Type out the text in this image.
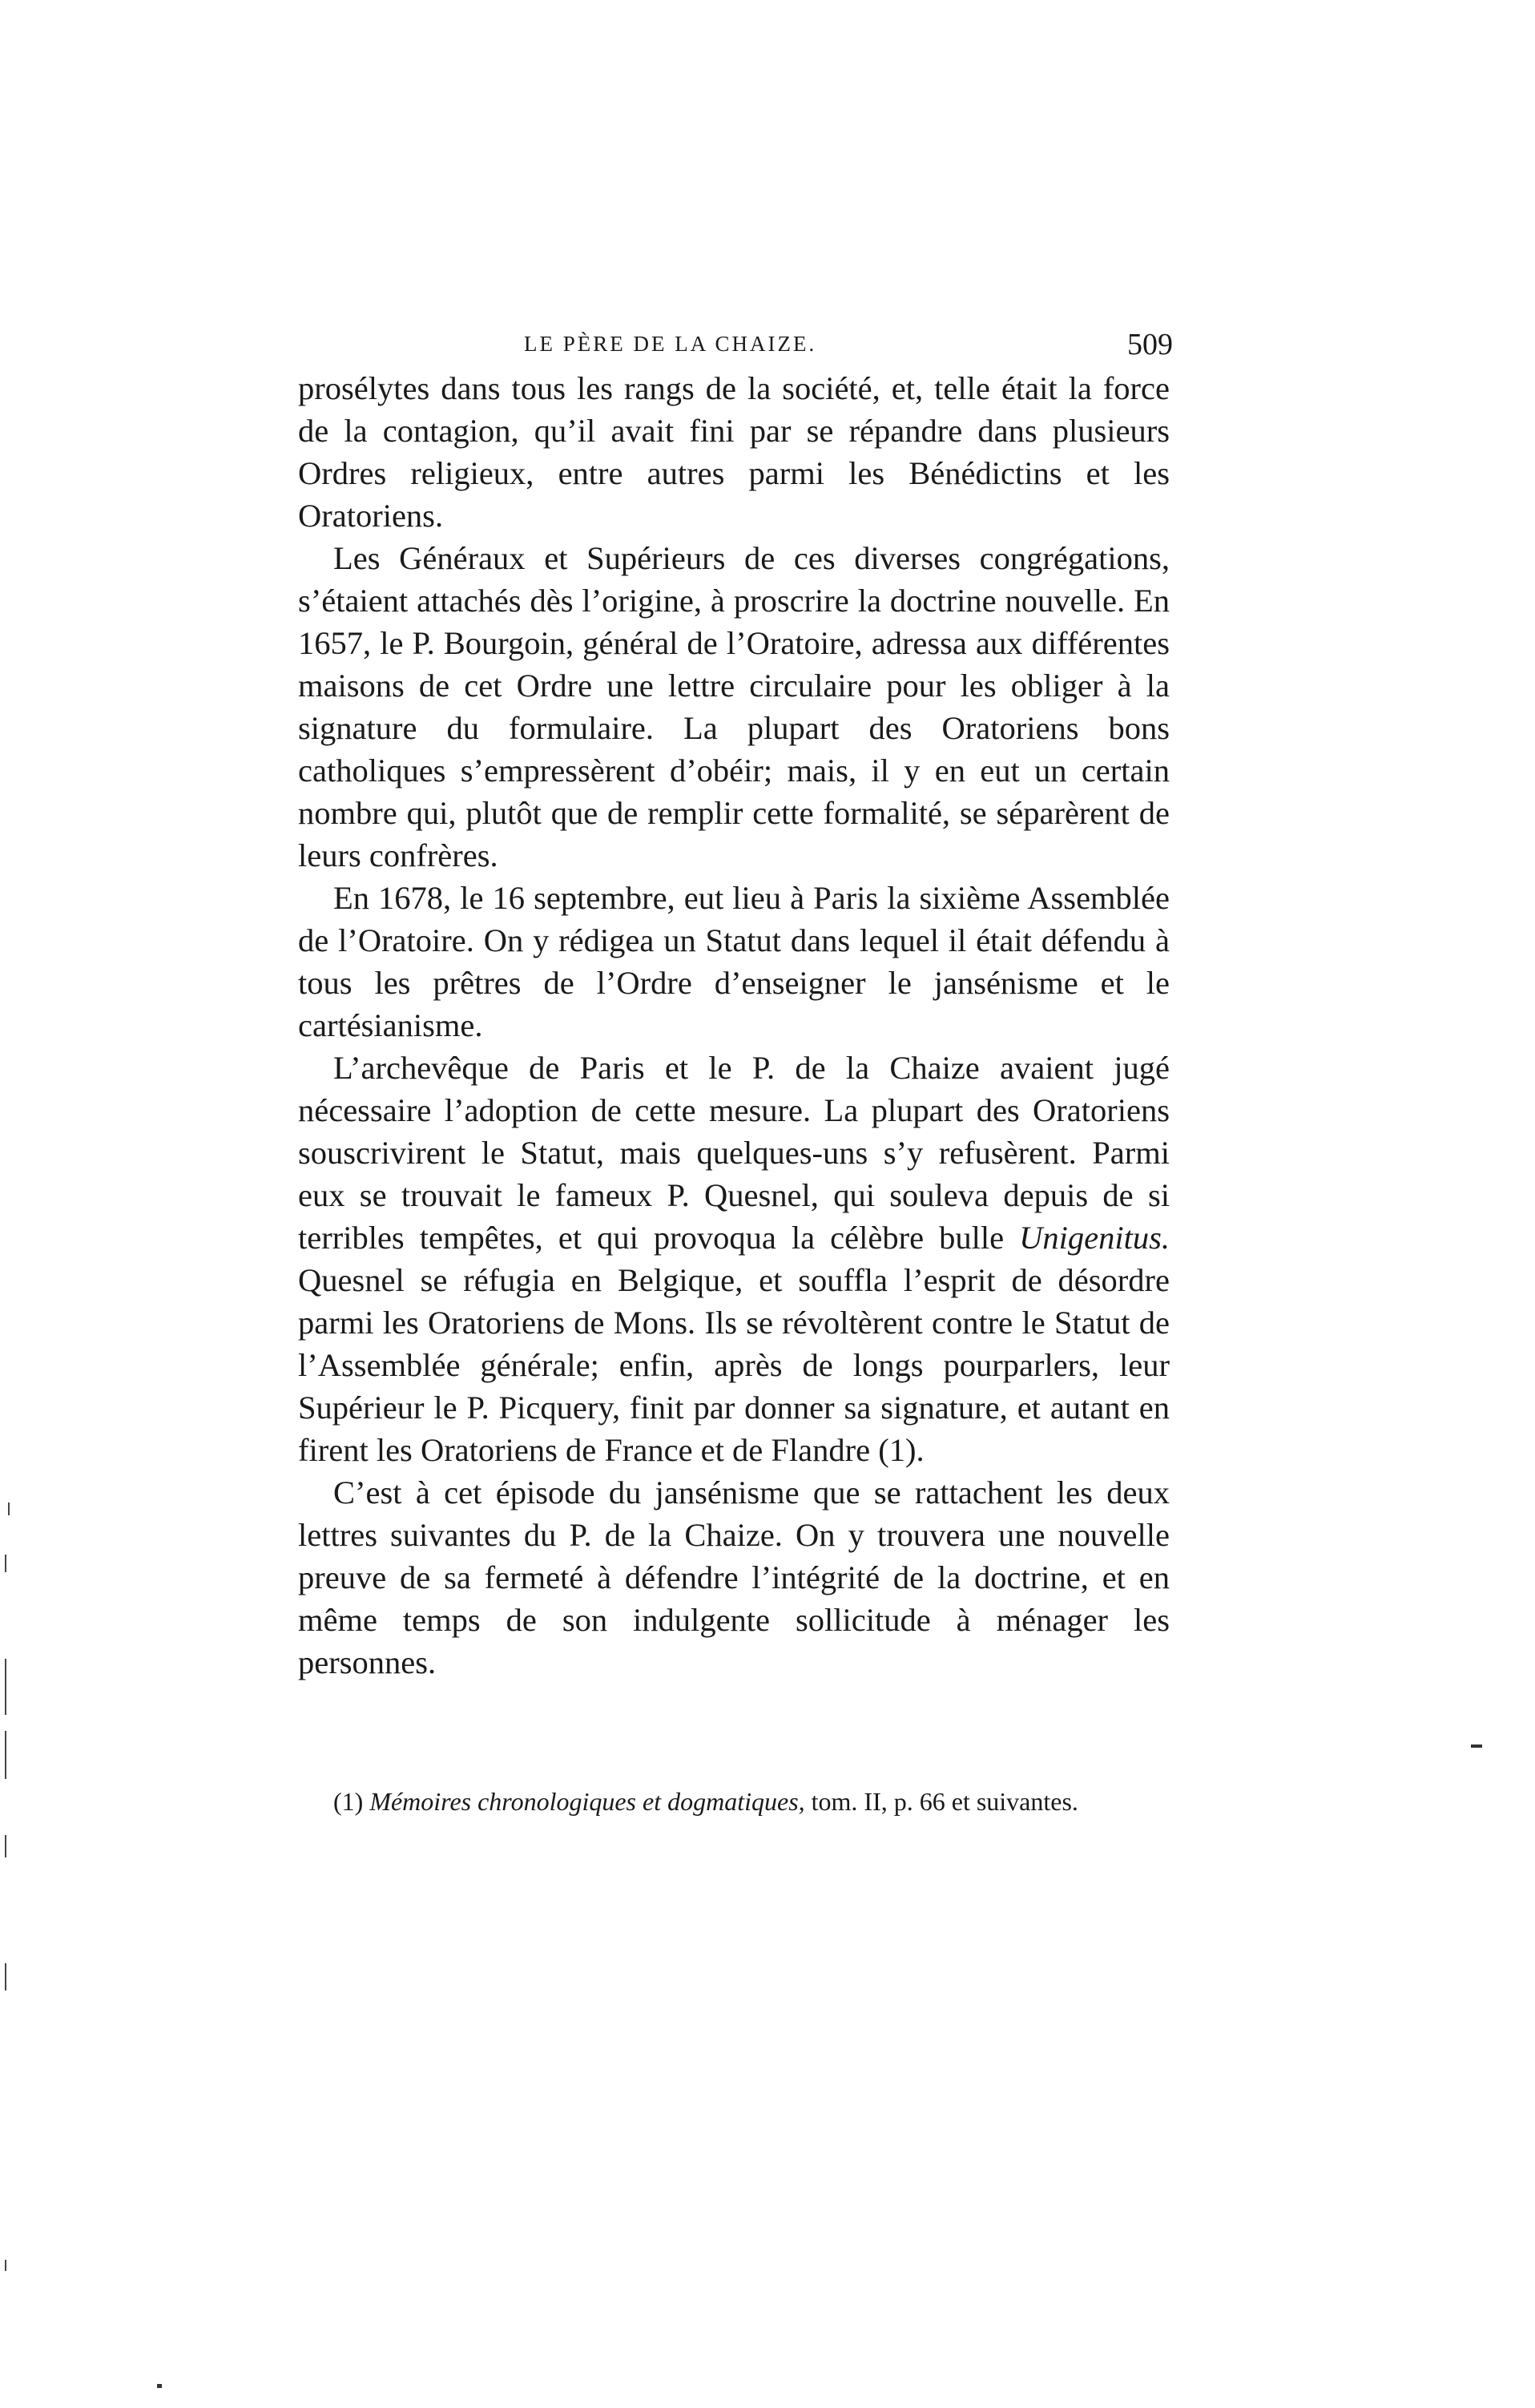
LE PÈRE DE LA CHAIZE.	509

prosélytes dans tous les rangs de la société, et, telle était la force de la contagion, qu’il avait fini par se répandre dans plusieurs Ordres religieux, entre autres parmi les Bénédictins et les Oratoriens.

Les Généraux et Supérieurs de ces diverses congrégations, s’étaient attachés dès l’origine, à proscrire la doctrine nouvelle. En 1657, le P. Bourgoin, général de l’Oratoire, adressa aux différentes maisons de cet Ordre une lettre circulaire pour les obliger à la signature du formulaire. La plupart des Oratoriens bons catholiques s’empressèrent d’obéir; mais, il y en eut un certain nombre qui, plutôt que de remplir cette formalité, se séparèrent de leurs confrères.

En 1678, le 16 septembre, eut lieu à Paris la sixième Assemblée de l’Oratoire. On y rédigea un Statut dans lequel il était défendu à tous les prêtres de l’Ordre d’enseigner le jansénisme et le cartésianisme.

L’archevêque de Paris et le P. de la Chaize avaient jugé nécessaire l’adoption de cette mesure. La plupart des Oratoriens souscrivirent le Statut, mais quelques-uns s’y refusèrent. Parmi eux se trouvait le fameux P. Quesnel, qui souleva depuis de si terribles tempêtes, et qui provoqua la célèbre bulle Unigenitus. Quesnel se réfugia en Belgique, et souffla l’esprit de désordre parmi les Oratoriens de Mons. Ils se révoltèrent contre le Statut de l’Assemblée générale; enfin, après de longs pourparlers, leur Supérieur le P. Picquery, finit par donner sa signature, et autant en firent les Oratoriens de France et de Flandre (1).

C’est à cet épisode du jansénisme que se rattachent les deux lettres suivantes du P. de la Chaize. On y trouvera une nouvelle preuve de sa fermeté à défendre l’intégrité de la doctrine, et en même temps de son indulgente sollicitude à ménager les personnes.

(1) Mémoires chronologiques et dogmatiques, tom. II, p. 66 et suivantes.
